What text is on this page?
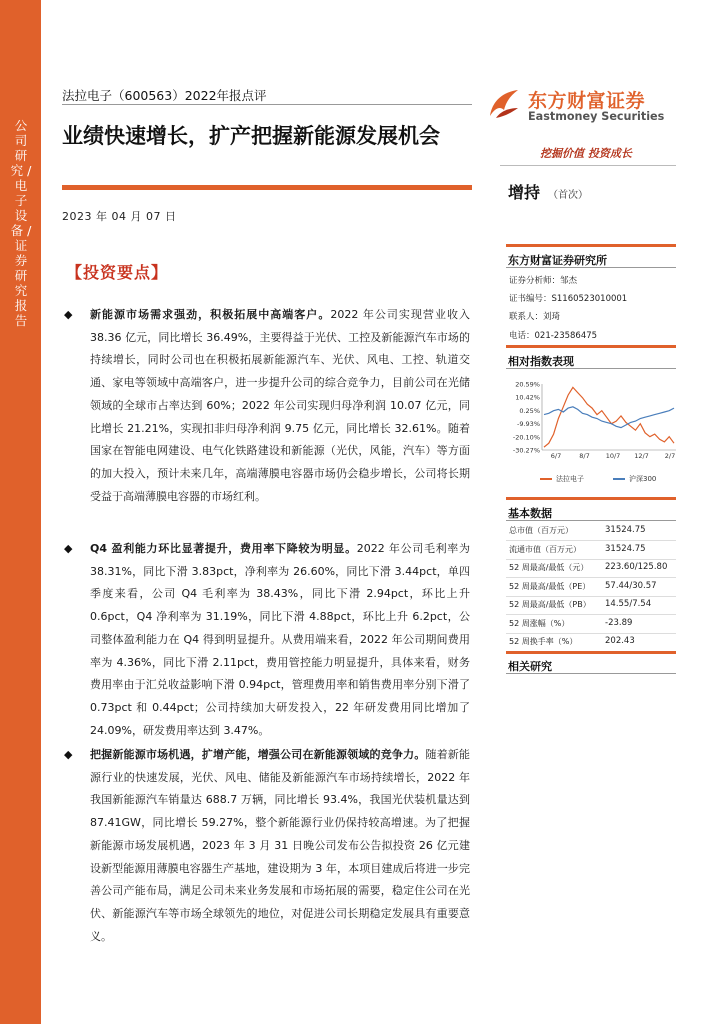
公司研究 / 电子设备 / 证券研究报告
法拉电子（600563）2022年报点评
业绩快速增长，扩产把握新能源发展机会
2023 年 04 月 07 日
东方财富证券
Eastmoney Securities
挖掘价值 投资成长
增持 （首次）
【投资要点】
◆ 新能源市场需求强劲，积极拓展中高端客户。2022 年公司实现营业收入 38.36 亿元，同比增长 36.49%，主要得益于光伏、工控及新能源汽车市场的持续增长，同时公司也在积极拓展新能源汽车、光伏、风电、工控、轨道交通、家电等领域中高端客户，进一步提升公司的综合竞争力，目前公司在光储领域的全球市占率达到 60%；2022 年公司实现归母净利润 10.07 亿元，同比增长 21.21%，实现扣非归母净利润 9.75 亿元，同比增长 32.61%。随着国家在智能电网建设、电气化铁路建设和新能源（光伏，风能，汽车）等方面的加大投入，预计未来几年，高端薄膜电容器市场仍会稳步增长，公司将长期受益于高端薄膜电容器的市场红利。
◆ Q4 盈利能力环比显著提升，费用率下降较为明显。2022 年公司毛利率为 38.31%，同比下滑 3.83pct，净利率为 26.60%，同比下滑 3.44pct，单四季度来看，公司 Q4 毛利率为 38.43%，同比下滑 2.94pct，环比上升 0.6pct，Q4 净利率为 31.19%，同比下滑 4.88pct，环比上升 6.2pct，公司整体盈利能力在 Q4 得到明显提升。从费用端来看，2022 年公司期间费用率为 4.36%，同比下滑 2.11pct，费用管控能力明显提升，具体来看，财务费用率由于汇兑收益影响下滑 0.94pct，管理费用率和销售费用率分别下滑了 0.73pct 和 0.44pct；公司持续加大研发投入，22 年研发费用同比增加了 24.09%，研发费用率达到 3.47%。
◆ 把握新能源市场机遇，扩增产能，增强公司在新能源领域的竞争力。随着新能源行业的快速发展，光伏、风电、储能及新能源汽车市场持续增长，2022 年我国新能源汽车销量达 688.7 万辆，同比增长 93.4%，我国光伏装机量达到 87.41GW，同比增长 59.27%，整个新能源行业仍保持较高增速。为了把握新能源市场发展机遇，2023 年 3 月 31 日晚公司发布公告拟投资 26 亿元建设新型能源用薄膜电容器生产基地，建设期为 3 年，本项目建成后将进一步完善公司产能布局，满足公司未来业务发展和市场拓展的需要，稳定住公司在光伏、新能源汽车等市场全球领先的地位，对促进公司长期稳定发展具有重要意义。
东方财富证券研究所
证券分析师：邹杰
证书编号：S1160523010001
联系人：刘琦
电话：021-23586475
相对指数表现
20.59%
10.42%
0.25%
-9.93%
-20.10%
-30.27%
6/7	8/7 10/7 12/7 2/7
法拉电子	沪深300
基本数据
总市值（百万元）	31524.75
流通市值（百万元）	31524.75
52 周最高/最低（元） 223.60/125.80
52 周最高/最低（PE） 57.44/30.57
52 周最高/最低（PB） 14.55/7.54
52 周涨幅（%）	-23.89
52 周换手率（%）	202.43
相关研究
